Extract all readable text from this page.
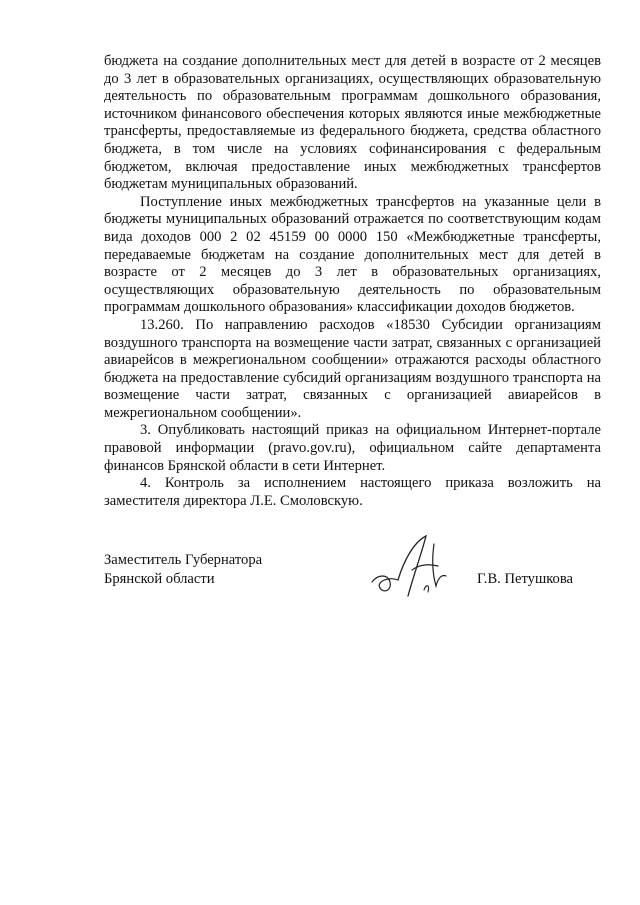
бюджета на создание дополнительных мест для детей в возрасте от 2 месяцев до 3 лет в образовательных организациях, осуществляющих образовательную деятельность по образовательным программам дошкольного образования, источником финансового обеспечения которых являются иные межбюджетные трансферты, предоставляемые из федерального бюджета, средства областного бюджета, в том числе на условиях софинансирования с федеральным бюджетом, включая предоставление иных межбюджетных трансфертов бюджетам муниципальных образований.

Поступление иных межбюджетных трансфертов на указанные цели в бюджеты муниципальных образований отражается по соответствующим кодам вида доходов 000 2 02 45159 00 0000 150 «Межбюджетные трансферты, передаваемые бюджетам на создание дополнительных мест для детей в возрасте от 2 месяцев до 3 лет в образовательных организациях, осуществляющих образовательную деятельность по образовательным программам дошкольного образования» классификации доходов бюджетов.

13.260. По направлению расходов «18530 Субсидии организациям воздушного транспорта на возмещение части затрат, связанных с организацией авиарейсов в межрегиональном сообщении» отражаются расходы областного бюджета на предоставление субсидий организациям воздушного транспорта на возмещение части затрат, связанных с организацией авиарейсов в межрегиональном сообщении».

3. Опубликовать настоящий приказ на официальном Интернет-портале правовой информации (pravo.gov.ru), официальном сайте департамента финансов Брянской области в сети Интернет.

4. Контроль за исполнением настоящего приказа возложить на заместителя директора Л.Е. Смоловскую.

Заместитель Губернатора
Брянской области	Г.В. Петушкова
